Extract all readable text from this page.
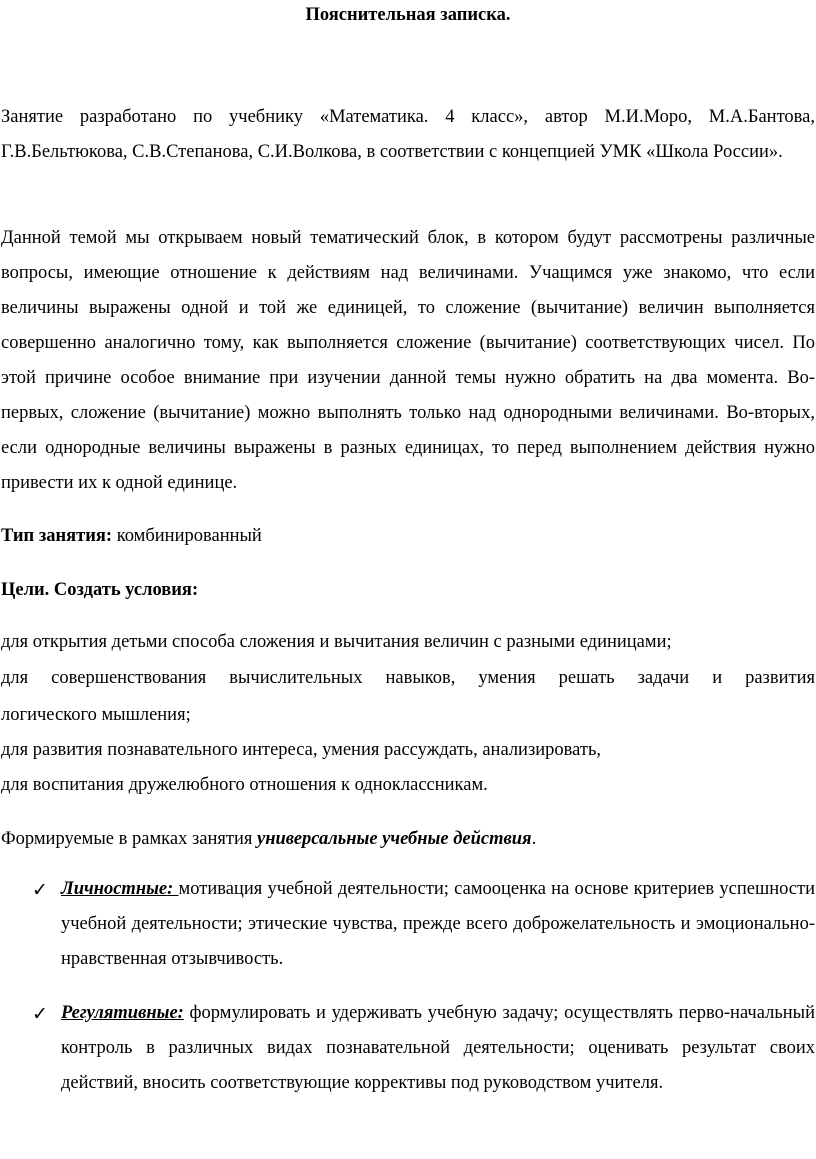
Пояснительная записка.

Занятие разработано по учебнику «Математика. 4 класс», автор М.И.Моро, М.А.Бантова, Г.В.Бельтюкова, С.В.Степанова, С.И.Волкова, в соответствии с концепцией УМК «Школа России».

Данной темой мы открываем новый тематический блок, в котором будут рассмотрены различные вопросы, имеющие отношение к действиям над величинами. Учащимся уже знакомо, что если величины выражены одной и той же единицей, то сложение (вычитание) величин выполняется совершенно аналогично тому, как выполняется сложение (вычитание) соответствующих чисел. По этой причине особое внимание при изучении данной темы нужно обратить на два момента. Во-первых, сложение (вычитание) можно выполнять только над однородными величинами. Во-вторых, если однородные величины выражены в разных единицах, то перед выполнением действия нужно привести их к одной единице.

Тип занятия: комбинированный
Цели. Создать условия:
для открытия детьми способа сложения и вычитания величин с разными единицами;
для совершенствования вычислительных навыков, умения решать задачи и развития
логического мышления;
для развития познавательного интереса, умения рассуждать, анализировать,
для воспитания дружелюбного отношения к одноклассникам.
Формируемые в рамках занятия универсальные учебные действия.
✓ Личностные: мотивация учебной деятельности; самооценка на основе критериев успешности учебной деятельности; этические чувства, прежде всего доброжелательность и эмоционально-нравственная отзывчивость.

✓ Регулятивные: формулировать и удерживать учебную задачу; осуществлять перво-начальный контроль в различных видах познавательной деятельности; оценивать результат своих действий, вносить соответствующие коррективы под руководством учителя.
